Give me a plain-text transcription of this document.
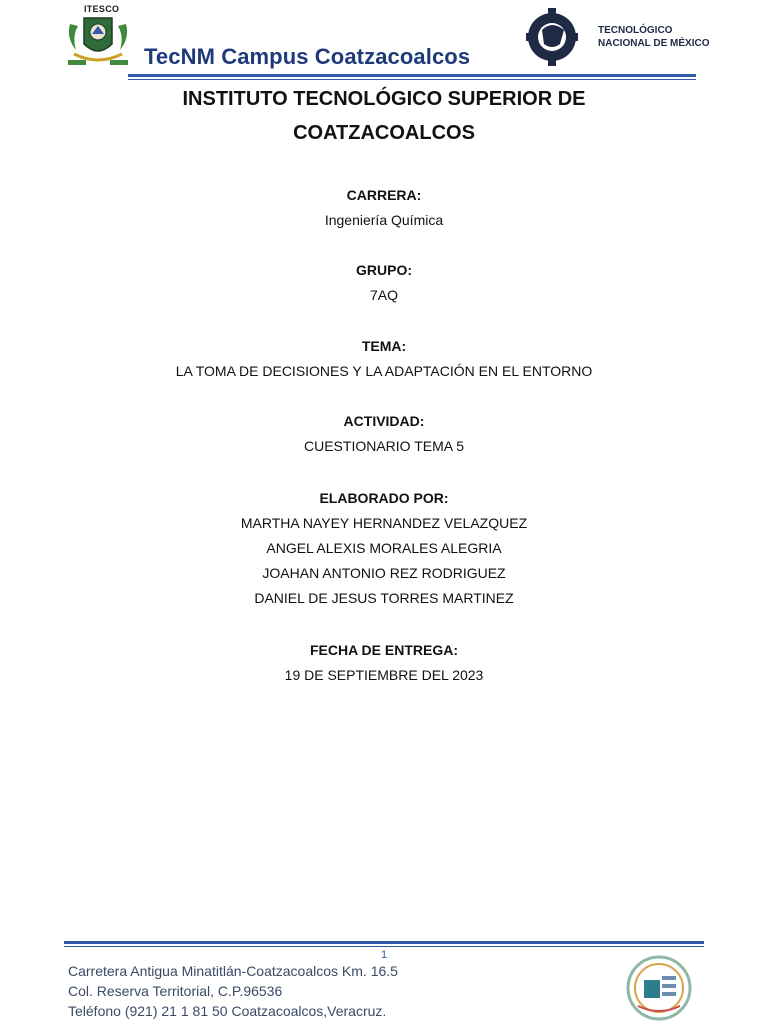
ITESCO
TecNM Campus Coatzacoalcos
TECNOLÓGICO
NACIONAL DE MÉXICO
INSTITUTO TECNOLÓGICO SUPERIOR DE
COATZACOALCOS
CARRERA:
Ingeniería Química
GRUPO:
7AQ
TEMA:
LA TOMA DE DECISIONES Y LA ADAPTACIÓN EN EL ENTORNO
ACTIVIDAD:
CUESTIONARIO TEMA 5
ELABORADO POR:
MARTHA NAYEY HERNANDEZ VELAZQUEZ
ANGEL ALEXIS MORALES ALEGRIA
JOAHAN ANTONIO REZ RODRIGUEZ
DANIEL DE JESUS TORRES MARTINEZ
FECHA DE ENTREGA:
19 DE SEPTIEMBRE DEL 2023
1
Carretera Antigua Minatitlán-Coatzacoalcos Km. 16.5
Col. Reserva Territorial, C.P.96536
Teléfono (921) 21 1 81 50 Coatzacoalcos,Veracruz.
